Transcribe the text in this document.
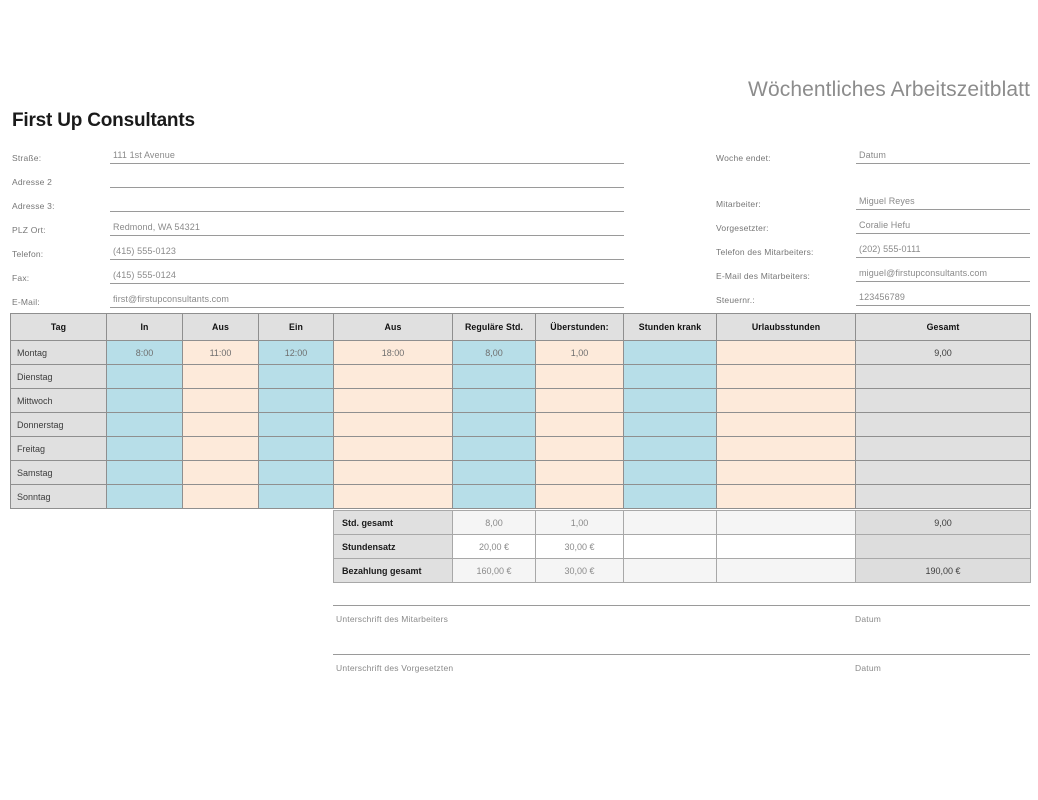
Wöchentliches Arbeitszeitblatt
First Up Consultants
Straße:	111 1st Avenue
Adresse 2
Adresse 3:
PLZ Ort:	Redmond, WA 54321
Telefon:	(415) 555-0123
Fax:	(415) 555-0124
E-Mail:	first@firstupconsultants.com
Woche endet:	Datum
Mitarbeiter:	Miguel Reyes
Vorgesetzter:	Coralie Hefu
Telefon des Mitarbeiters:	(202) 555-0111
E-Mail des Mitarbeiters:	miguel@firstupconsultants.com
Steuernr.:	123456789
Tag	In	Aus	Ein	Aus	Reguläre Std.	Überstunden:	Stunden krank	Urlaubsstunden	Gesamt
Montag	8:00	11:00	12:00	18:00	8,00	1,00			9,00
Dienstag									
Mittwoch									
Donnerstag									
Freitag									
Samstag									
Sonntag									
Std. gesamt	8,00	1,00			9,00
Stundensatz	20,00 €	30,00 €			
Bezahlung gesamt	160,00 €	30,00 €			190,00 €
Unterschrift des Mitarbeiters	Datum
Unterschrift des Vorgesetzten	Datum
